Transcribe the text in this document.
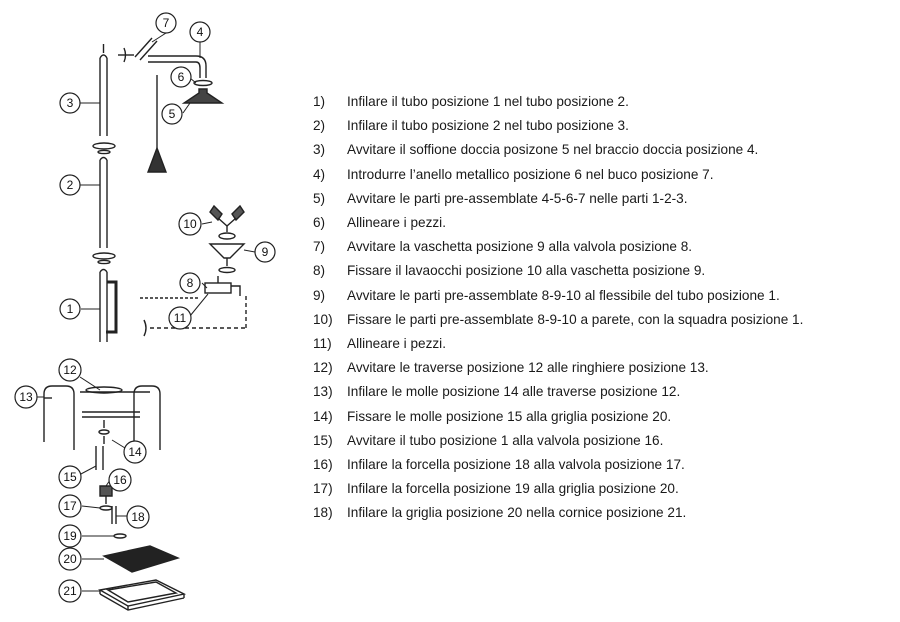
1
2
3
4
5
6
7
8
9
10
11
12
13
14
15	16
17
18
19
20
21
1) Infilare il tubo posizione 1 nel tubo posizione 2.
2) Infilare il tubo posizione 2 nel tubo posizione 3.
3) Avvitare il soffione doccia posizone 5 nel braccio doccia posizione 4.
4) Introdurre l’anello metallico posizione 6 nel buco posizione 7.
5) Avvitare le parti pre-assemblate 4-5-6-7 nelle parti 1-2-3.
6) Allineare i pezzi.
7) Avvitare la vaschetta posizione 9 alla valvola posizione 8.
8) Fissare il lavaocchi posizione 10 alla vaschetta posizione 9.
9) Avvitare le parti pre-assemblate 8-9-10 al flessibile del tubo posizione 1.
10) Fissare le parti pre-assemblate 8-9-10 a parete, con la squadra posizione 1.
11) Allineare i pezzi.
12) Avvitare le traverse posizione 12 alle ringhiere posizione 13.
13) Infilare le molle posizione 14 alle traverse posizione 12.
14) Fissare le molle posizione 15 alla griglia posizione 20.
15) Avvitare il tubo posizione 1 alla valvola posizione 16.
16) Infilare la forcella posizione 18 alla valvola posizione 17.
17) Infilare la forcella posizione 19 alla griglia posizione 20.
18) Infilare la griglia posizione 20 nella cornice posizione 21.
